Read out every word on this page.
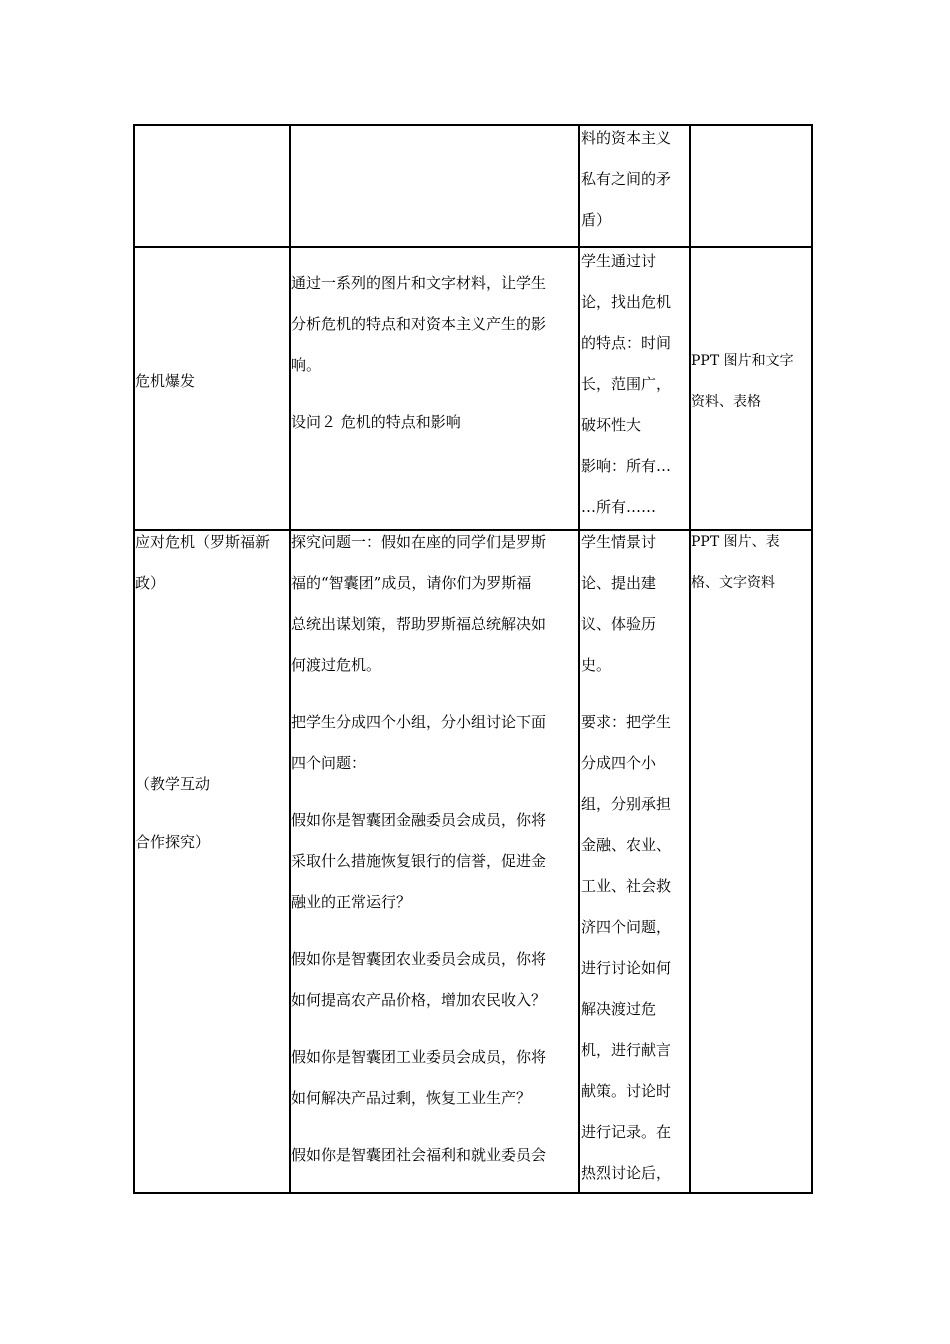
料的资本主义
私有之间的矛
盾）
危机爆发
通过一系列的图片和文字材料，让学生
分析危机的特点和对资本主义产生的影
响。
设问２ 危机的特点和影响
学生通过讨
论，找出危机
的特点：时间
长，范围广，
破坏性大
影响：所有…
…所有……
PPT 图片和文字
资料、表格
应对危机（罗斯福新
政）
（教学互动
合作探究）
探究问题一：假如在座的同学们是罗斯
福的“智囊团”成员，请你们为罗斯福
总统出谋划策，帮助罗斯福总统解决如
何渡过危机。
把学生分成四个小组，分小组讨论下面
四个问题：
假如你是智囊团金融委员会成员，你将
采取什么措施恢复银行的信誉，促进金
融业的正常运行？
假如你是智囊团农业委员会成员，你将
如何提高农产品价格，增加农民收入？
假如你是智囊团工业委员会成员，你将
如何解决产品过剩，恢复工业生产？
假如你是智囊团社会福利和就业委员会
学生情景讨
论、提出建
议、体验历
史。
要求：把学生
分成四个小
组，分别承担
金融、农业、
工业、社会救
济四个问题，
进行讨论如何
解决渡过危
机，进行献言
献策。讨论时
进行记录。在
热烈讨论后，
PPT 图片、表
格、文字资料
